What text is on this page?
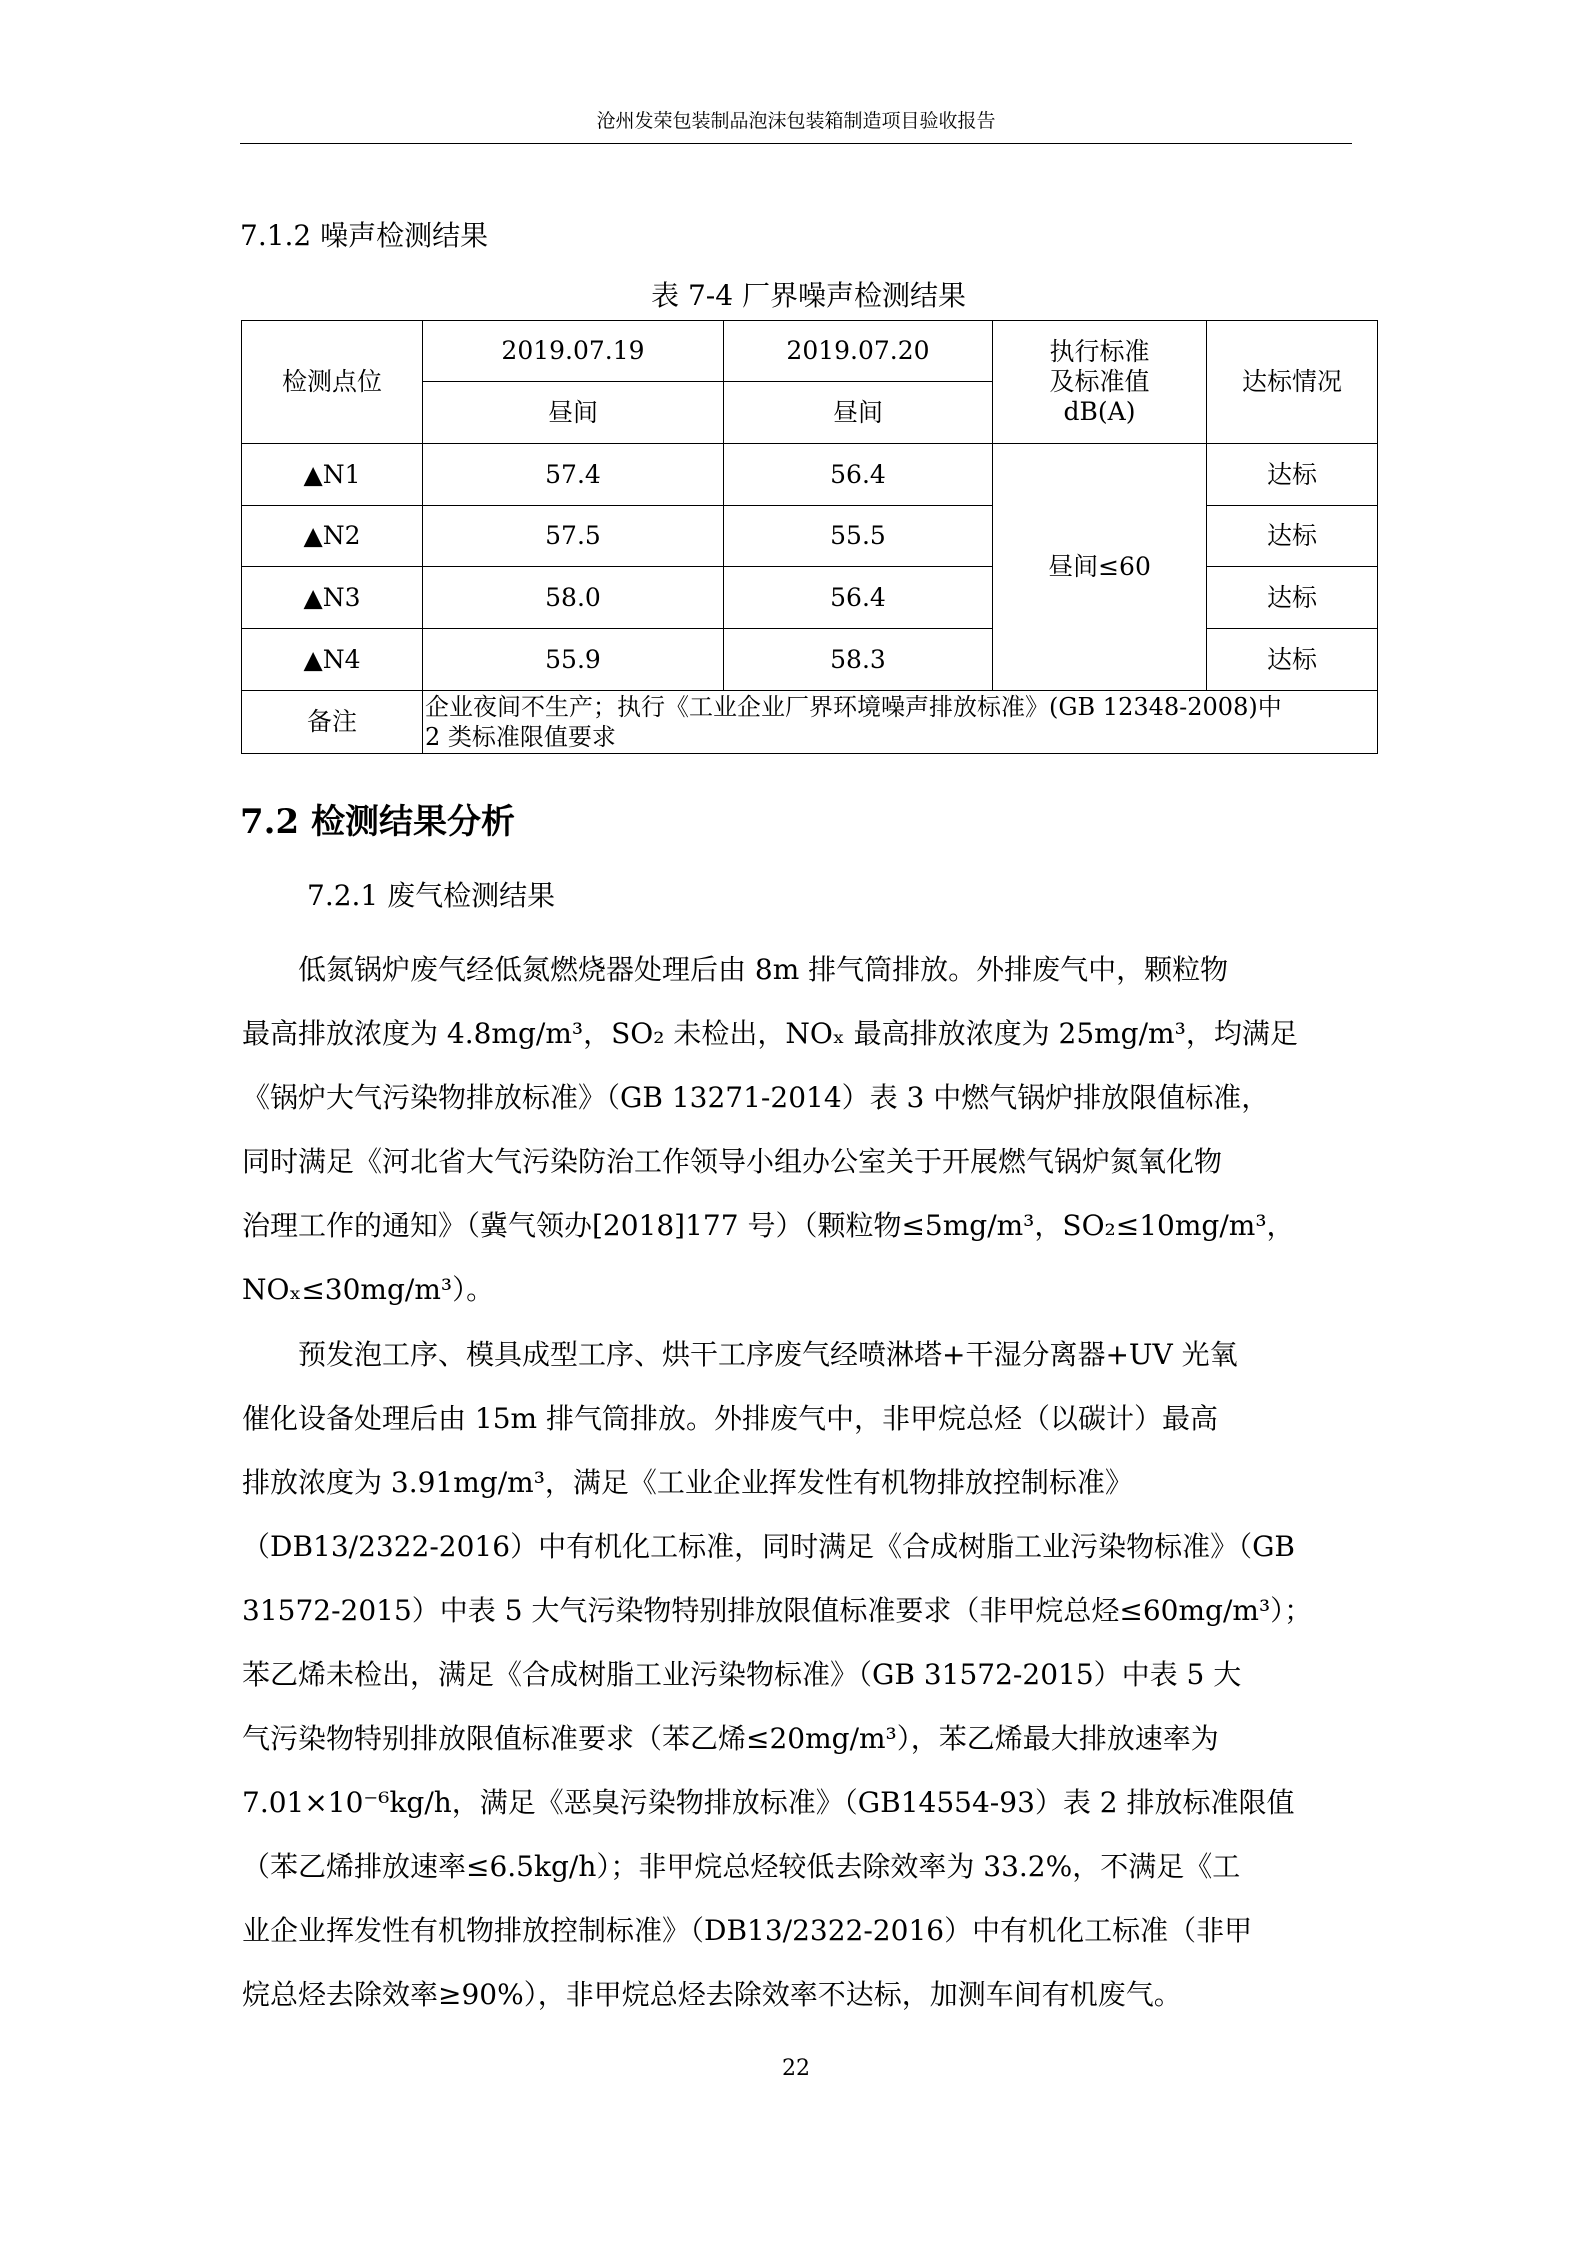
沧州发荣包装制品泡沫包装箱制造项目验收报告
7.1.2 噪声检测结果
表 7-4 厂界噪声检测结果
检测点位	2019.07.19	2019.07.20	执行标准
及标准值
dB(A)	达标情况
	昼间	昼间		
▲N1	57.4	56.4	昼间≤60	达标
▲N2	57.5	55.5		达标
▲N3	58.0	56.4		达标
▲N4	55.9	58.3		达标
备注	企业夜间不生产；执行《工业企业厂界环境噪声排放标准》(GB 12348-2008)中
2 类标准限值要求			
7.2 检测结果分析
7.2.1 废气检测结果
　　低氮锅炉废气经低氮燃烧器处理后由 8m 排气筒排放。外排废气中，颗粒物
最高排放浓度为 4.8mg/m³，SO₂ 未检出，NOₓ 最高排放浓度为 25mg/m³，均满足
《锅炉大气污染物排放标准》（GB 13271-2014）表 3 中燃气锅炉排放限值标准，
同时满足《河北省大气污染防治工作领导小组办公室关于开展燃气锅炉氮氧化物
治理工作的通知》（冀气领办[2018]177 号）（颗粒物≤5mg/m³，SO₂≤10mg/m³，
NOₓ≤30mg/m³）。
　　预发泡工序、模具成型工序、烘干工序废气经喷淋塔+干湿分离器+UV 光氧
催化设备处理后由 15m 排气筒排放。外排废气中，非甲烷总烃（以碳计）最高
排放浓度为 3.91mg/m³，满足《工业企业挥发性有机物排放控制标准》
（DB13/2322-2016）中有机化工标准，同时满足《合成树脂工业污染物标准》（GB
31572-2015）中表 5 大气污染物特别排放限值标准要求（非甲烷总烃≤60mg/m³）；
苯乙烯未检出，满足《合成树脂工业污染物标准》（GB 31572-2015）中表 5 大
气污染物特别排放限值标准要求（苯乙烯≤20mg/m³），苯乙烯最大排放速率为
7.01×10⁻⁶kg/h，满足《恶臭污染物排放标准》（GB14554-93）表 2 排放标准限值
（苯乙烯排放速率≤6.5kg/h）；非甲烷总烃较低去除效率为 33.2%，不满足《工
业企业挥发性有机物排放控制标准》（DB13/2322-2016）中有机化工标准（非甲
烷总烃去除效率≥90%），非甲烷总烃去除效率不达标，加测车间有机废气。
22
